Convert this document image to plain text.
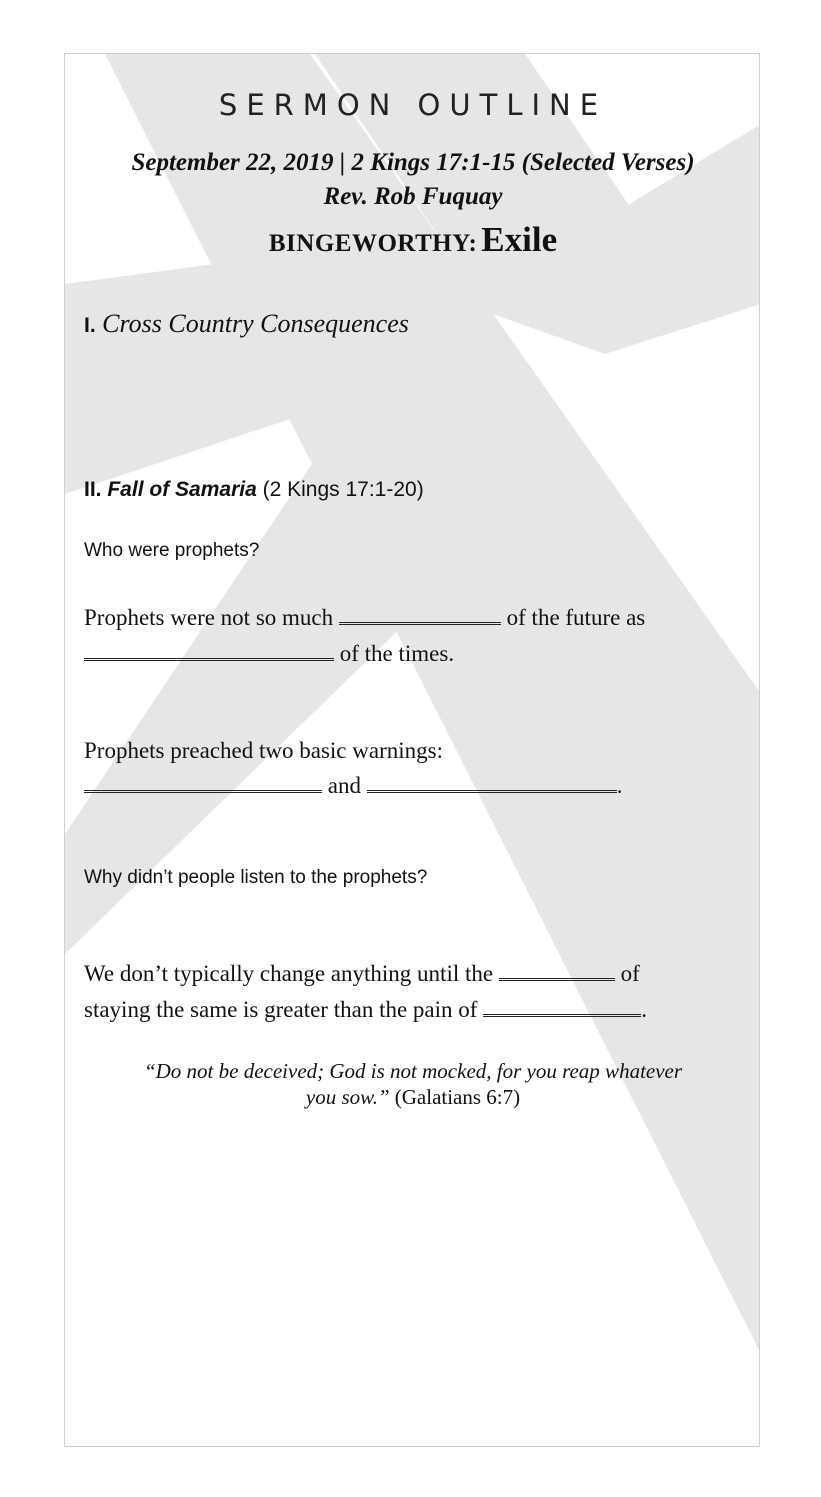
SERMON OUTLINE

September 22, 2019 | 2 Kings 17:1-15 (Selected Verses)

Rev. Rob Fuquay

BINGEWORTHY: Exile

I. Cross Country Consequences

II. Fall of Samaria (2 Kings 17:1-20)

Who were prophets?

Prophets were not so much	of the future as

of the times.

Prophets preached two basic warnings:

and	.

Why didn’t people listen to the prophets?

We don’t typically change anything until the	of

staying the same is greater than the pain of	.

“Do not be deceived; God is not mocked, for you reap whatever you sow.” (Galatians 6:7)
